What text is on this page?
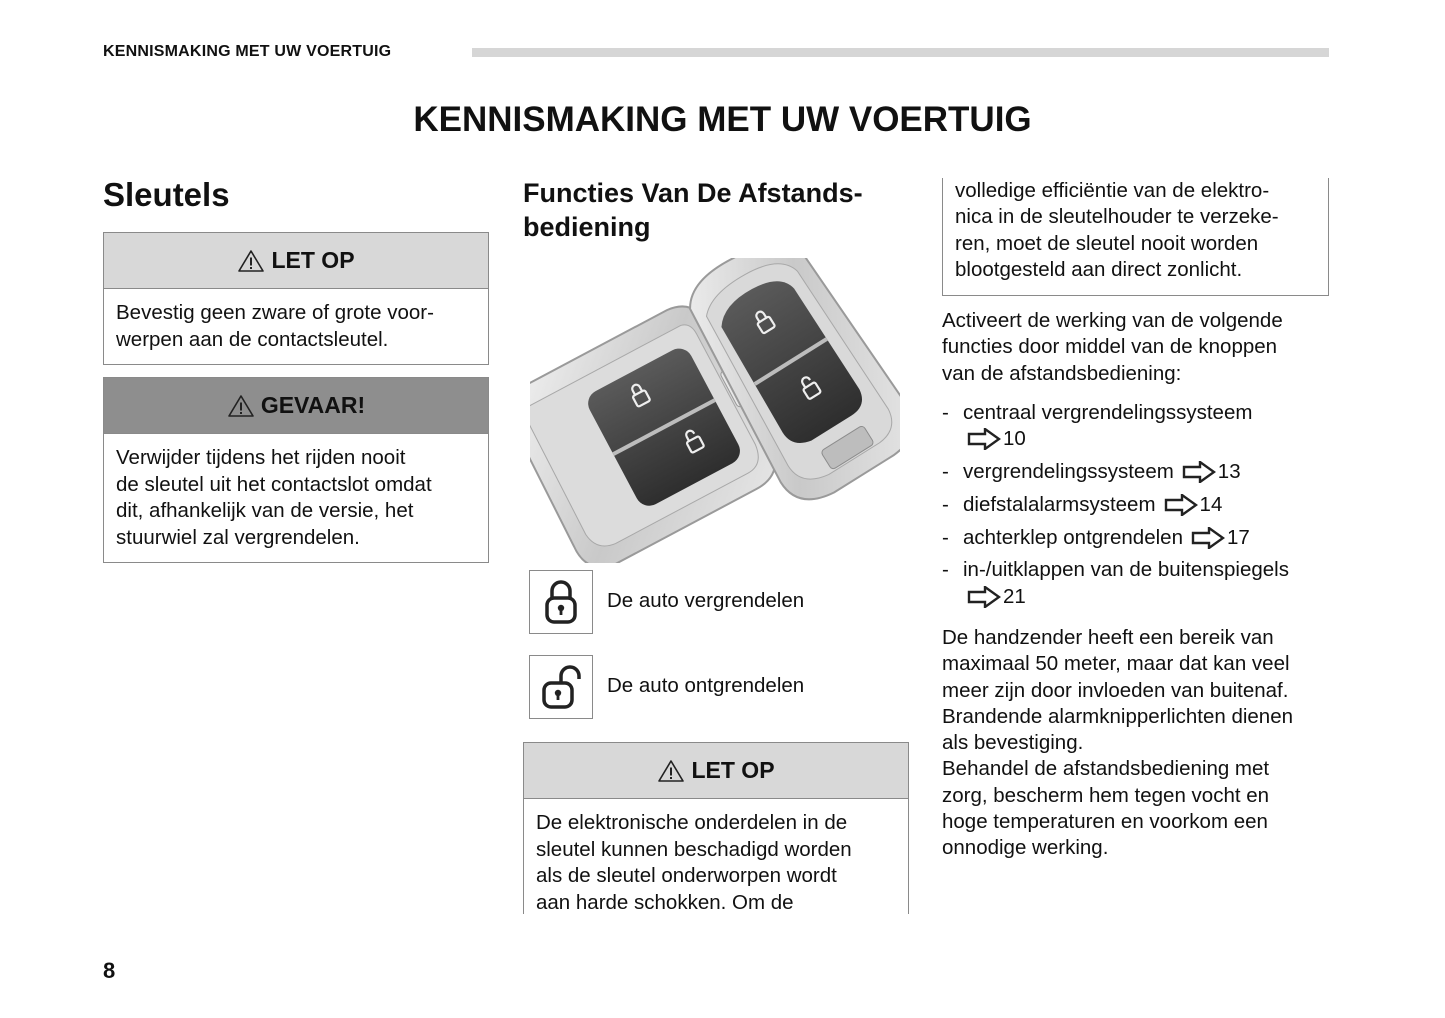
KENNISMAKING MET UW VOERTUIG
KENNISMAKING MET UW VOERTUIG
Sleutels
LET OP
Bevestig geen zware of grote voor-
werpen aan de contactsleutel.
GEVAAR!
Verwijder tijdens het rijden nooit
de sleutel uit het contactslot omdat
dit, afhankelijk van de versie, het
stuurwiel zal vergrendelen.
Functies Van De Afstands-
bediening
De auto vergrendelen
De auto ontgrendelen
LET OP
De elektronische onderdelen in de
sleutel kunnen beschadigd worden
als de sleutel onderworpen wordt
aan harde schokken. Om de
volledige efficiëntie van de elektro-
nica in de sleutelhouder te verzeke-
ren, moet de sleutel nooit worden
blootgesteld aan direct zonlicht.
Activeert de werking van de volgende
functies door middel van de knoppen
van de afstandsbediening:
- centraal vergrendelingssysteem
10
- vergrendelingssysteem 13
- diefstalalarmsysteem 14
- achterklep ontgrendelen 17
- in-/uitklappen van de buitenspiegels
21
De handzender heeft een bereik van
maximaal 50 meter, maar dat kan veel
meer zijn door invloeden van buitenaf.
Brandende alarmknipperlichten dienen
als bevestiging.
Behandel de afstandsbediening met
zorg, bescherm hem tegen vocht en
hoge temperaturen en voorkom een
onnodige werking.
8
